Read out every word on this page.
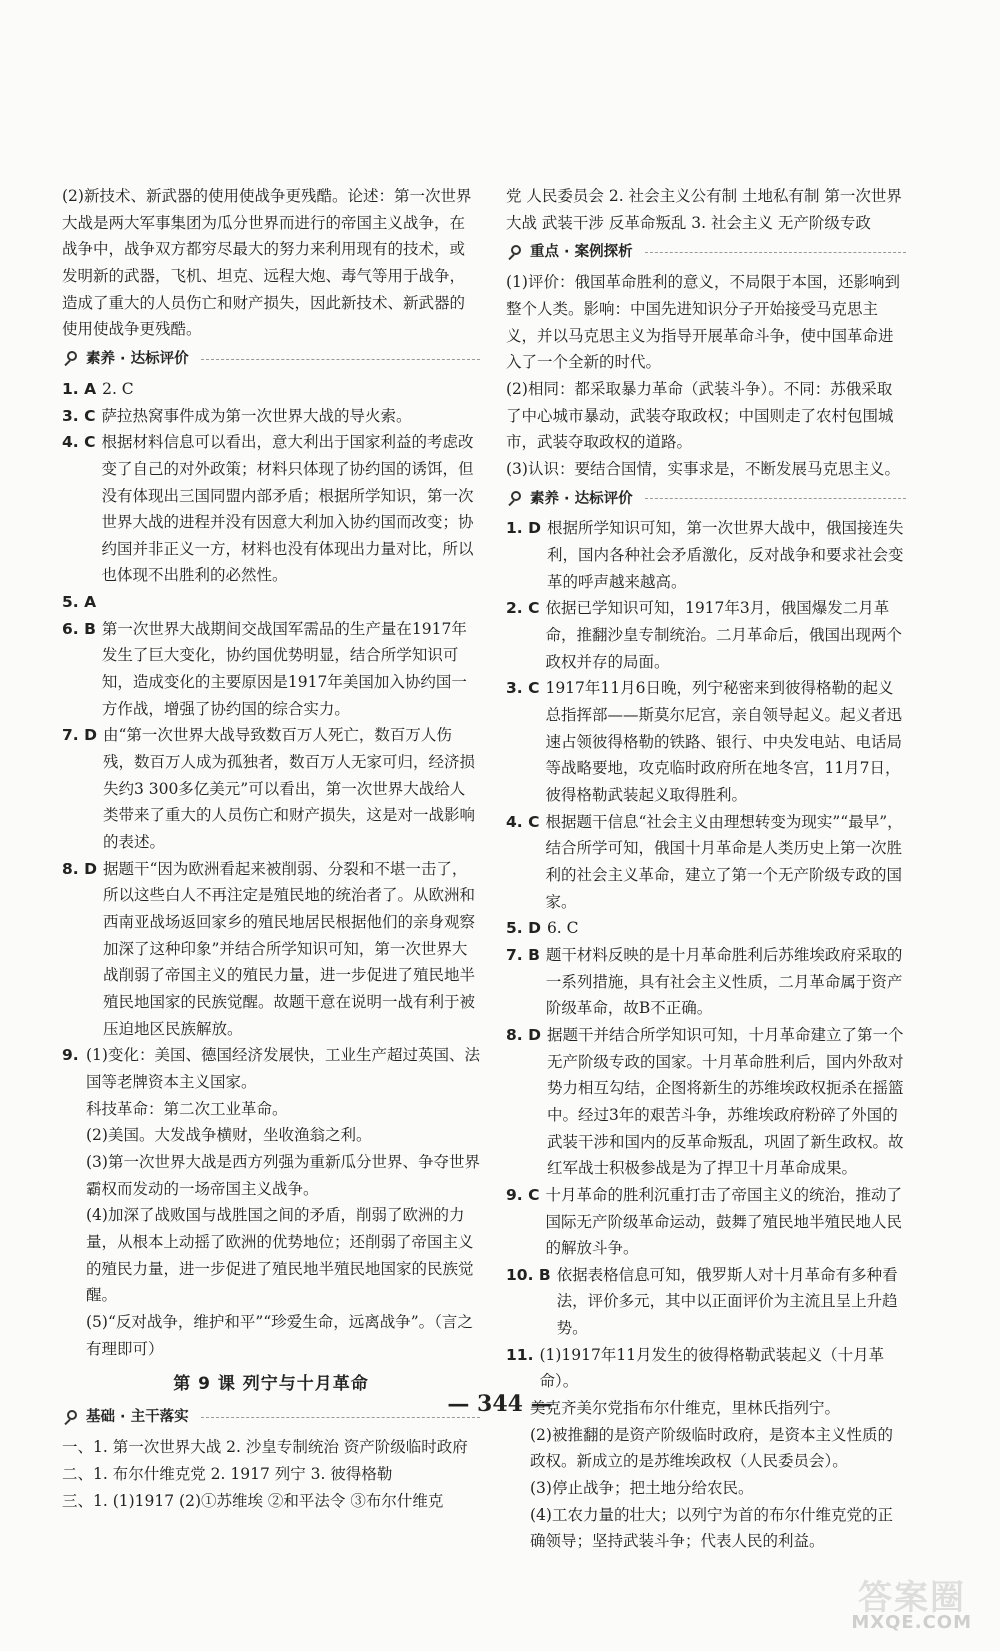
(2)新技术、新武器的使用使战争更残酷。论述：第一次世界大战是两大军事集团为瓜分世界而进行的帝国主义战争，在战争中，战争双方都穷尽最大的努力来利用现有的技术，或发明新的武器，飞机、坦克、远程大炮、毒气等用于战争，造成了重大的人员伤亡和财产损失，因此新技术、新武器的使用使战争更残酷。

素养 · 达标评价
1. A 2. C
3. C 萨拉热窝事件成为第一次世界大战的导火索。
4. C 根据材料信息可以看出，意大利出于国家利益的考虑改变了自己的对外政策；材料只体现了协约国的诱饵，但没有体现出三国同盟内部矛盾；根据所学知识，第一次世界大战的进程并没有因意大利加入协约国而改变；协约国并非正义一方，材料也没有体现出力量对比，所以也体现不出胜利的必然性。
5. A
6. B 第一次世界大战期间交战国军需品的生产量在1917年发生了巨大变化，协约国优势明显，结合所学知识可知，造成变化的主要原因是1917年美国加入协约国一方作战，增强了协约国的综合实力。
7. D 由“第一次世界大战导致数百万人死亡，数百万人伤残，数百万人成为孤独者，数百万人无家可归，经济损失约3 300多亿美元”可以看出，第一次世界大战给人类带来了重大的人员伤亡和财产损失，这是对一战影响的表述。
8. D 据题干“因为欧洲看起来被削弱、分裂和不堪一击了，所以这些白人不再注定是殖民地的统治者了。从欧洲和西南亚战场返回家乡的殖民地居民根据他们的亲身观察加深了这种印象”并结合所学知识可知，第一次世界大战削弱了帝国主义的殖民力量，进一步促进了殖民地半殖民地国家的民族觉醒。故题干意在说明一战有利于被压迫地区民族解放。
9. (1)变化：美国、德国经济发展快，工业生产超过英国、法国等老牌资本主义国家。

科技革命：第二次工业革命。

(2)美国。大发战争横财，坐收渔翁之利。

(3)第一次世界大战是西方列强为重新瓜分世界、争夺世界霸权而发动的一场帝国主义战争。

(4)加深了战败国与战胜国之间的矛盾，削弱了欧洲的力量，从根本上动摇了欧洲的优势地位；还削弱了帝国主义的殖民力量，进一步促进了殖民地半殖民地国家的民族觉醒。

(5)“反对战争，维护和平”“珍爱生命，远离战争”。（言之有理即可）

第 9 课 列宁与十月革命
基础 · 主干落实

一、1. 第一次世界大战 2. 沙皇专制统治 资产阶级临时政府

二、1. 布尔什维克党 2. 1917 列宁 3. 彼得格勒

三、1. (1)1917 (2)①苏维埃 ②和平法令 ③布尔什维克

党 人民委员会 2. 社会主义公有制 土地私有制 第一次世界大战 武装干涉 反革命叛乱 3. 社会主义 无产阶级专政

重点 · 案例探析

(1)评价：俄国革命胜利的意义，不局限于本国，还影响到整个人类。影响：中国先进知识分子开始接受马克思主义，并以马克思主义为指导开展革命斗争，使中国革命进入了一个全新的时代。

(2)相同：都采取暴力革命（武装斗争）。不同：苏俄采取了中心城市暴动，武装夺取政权；中国则走了农村包围城市，武装夺取政权的道路。

(3)认识：要结合国情，实事求是，不断发展马克思主义。

素养 · 达标评价
1. D 根据所学知识可知，第一次世界大战中，俄国接连失利，国内各种社会矛盾激化，反对战争和要求社会变革的呼声越来越高。
2. C 依据已学知识可知，1917年3月，俄国爆发二月革命，推翻沙皇专制统治。二月革命后，俄国出现两个政权并存的局面。
3. C 1917年11月6日晚，列宁秘密来到彼得格勒的起义总指挥部——斯莫尔尼宫，亲自领导起义。起义者迅速占领彼得格勒的铁路、银行、中央发电站、电话局等战略要地，攻克临时政府所在地冬宫，11月7日，彼得格勒武装起义取得胜利。
4. C 根据题干信息“社会主义由理想转变为现实”“最早”，结合所学可知，俄国十月革命是人类历史上第一次胜利的社会主义革命，建立了第一个无产阶级专政的国家。
5. D 6. C
7. B 题干材料反映的是十月革命胜利后苏维埃政府采取的一系列措施，具有社会主义性质，二月革命属于资产阶级革命，故B不正确。
8. D 据题干并结合所学知识可知，十月革命建立了第一个无产阶级专政的国家。十月革命胜利后，国内外敌对势力相互勾结，企图将新生的苏维埃政权扼杀在摇篮中。经过3年的艰苦斗争，苏维埃政府粉碎了外国的武装干涉和国内的反革命叛乱，巩固了新生政权。故红军战士积极参战是为了捍卫十月革命成果。
9. C 十月革命的胜利沉重打击了帝国主义的统治，推动了国际无产阶级革命运动，鼓舞了殖民地半殖民地人民的解放斗争。
10. B 依据表格信息可知，俄罗斯人对十月革命有多种看法，评价多元，其中以正面评价为主流且呈上升趋势。
11. (1)1917年11月发生的彼得格勒武装起义（十月革命）。

美克齐美尔党指布尔什维克，里林氏指列宁。

(2)被推翻的是资产阶级临时政府，是资本主义性质的政权。新成立的是苏维埃政权（人民委员会）。

(3)停止战争；把土地分给农民。

(4)工农力量的壮大；以列宁为首的布尔什维克党的正确领导；坚持武装斗争；代表人民的利益。

— 344 —
答案圈
MXQE.COM
